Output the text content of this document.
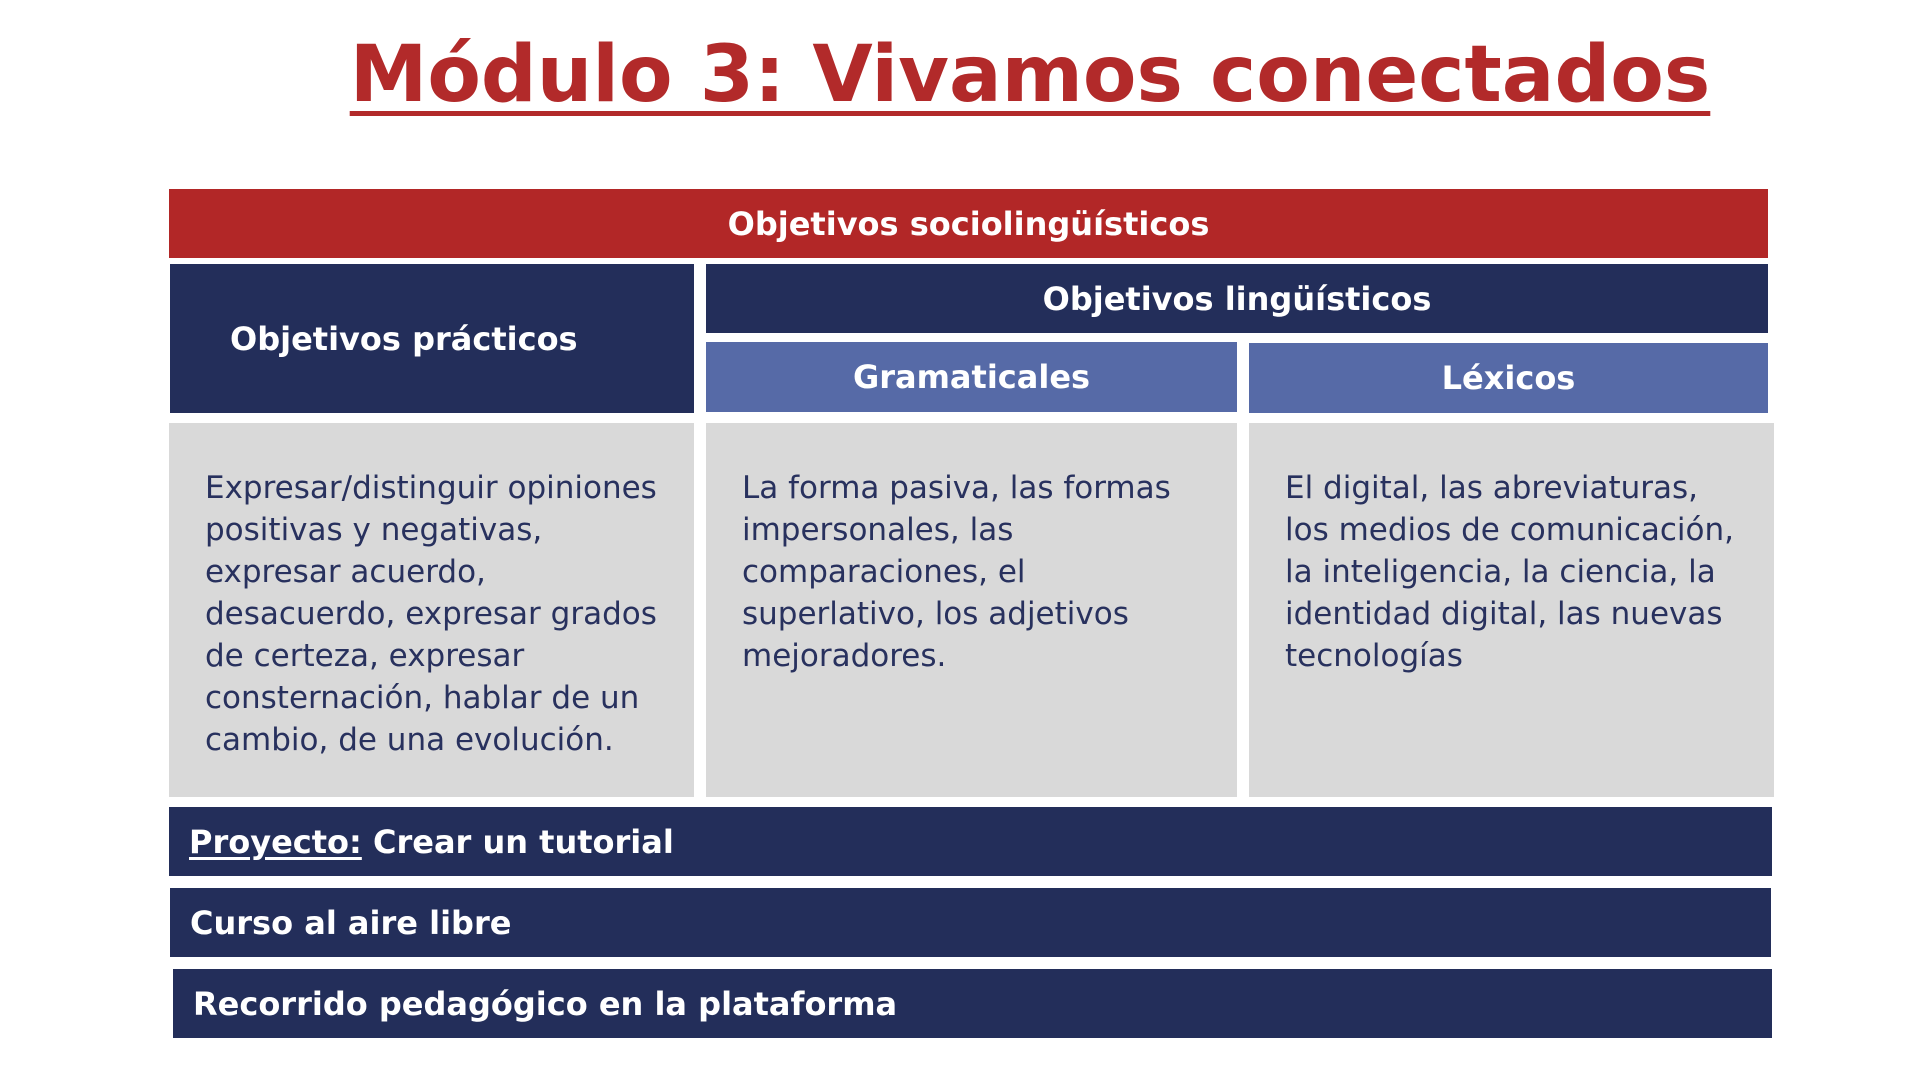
Módulo 3: Vivamos conectados
Objetivos sociolingüísticos
Objetivos prácticos
Objetivos lingüísticos
Gramaticales	Léxicos
Expresar/distinguir opiniones positivas y negativas, expresar acuerdo, desacuerdo, expresar grados de certeza, expresar consternación, hablar de un cambio, de una evolución.
La forma pasiva, las formas impersonales, las comparaciones, el superlativo, los adjetivos mejoradores.
El digital, las abreviaturas, los medios de comunicación, la inteligencia, la ciencia, la identidad digital, las nuevas tecnologías
Proyecto: Crear un tutorial
Curso al aire libre
Recorrido pedagógico en la plataforma
